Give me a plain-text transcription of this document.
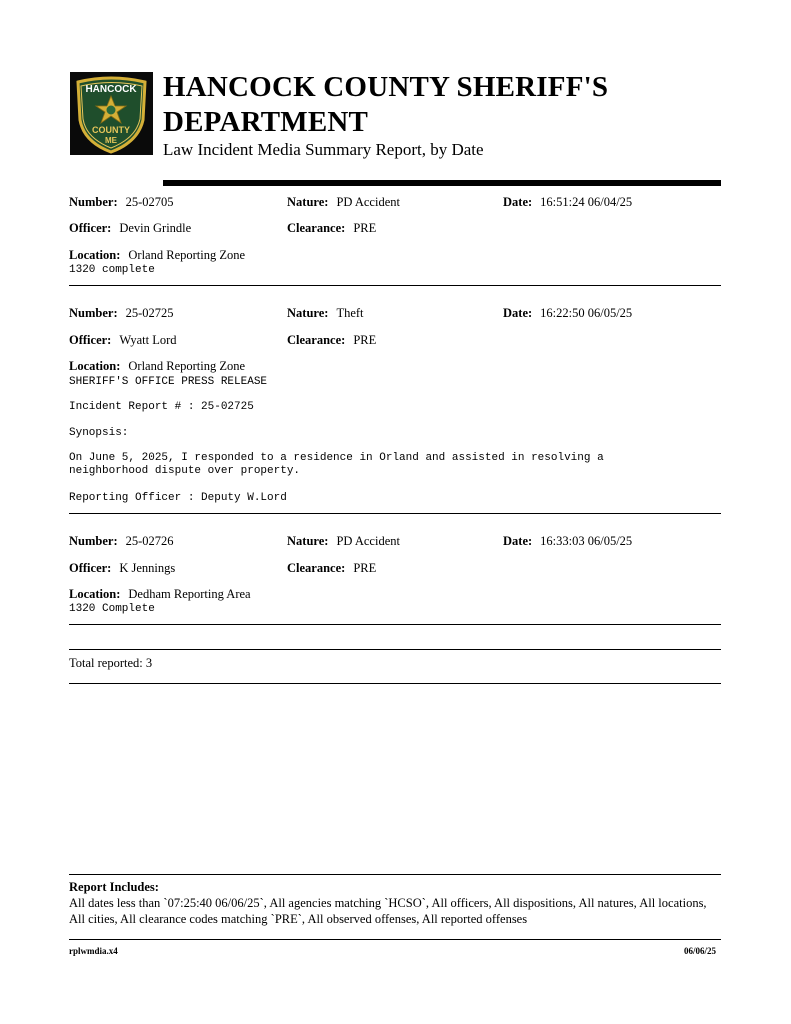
HANCOCK
COUNTY
ME
HANCOCK COUNTY SHERIFF'S DEPARTMENT
Law Incident Media Summary Report, by Date
Number: 25-02705	Nature: PD Accident	Date: 16:51:24 06/04/25
Officer: Devin Grindle	Clearance: PRE
Location: Orland Reporting Zone
1320 complete
Number: 25-02725	Nature: Theft	Date: 16:22:50 06/05/25
Officer: Wyatt Lord	Clearance: PRE
Location: Orland Reporting Zone
SHERIFF'S OFFICE PRESS RELEASE
Incident Report # : 25-02725
Synopsis:
On June 5, 2025, I responded to a residence in Orland and assisted in resolving a
neighborhood dispute over property.
Reporting Officer : Deputy W.Lord
Number: 25-02726	Nature: PD Accident	Date: 16:33:03 06/05/25
Officer: K Jennings	Clearance: PRE
Location: Dedham Reporting Area
1320 Complete
Total reported: 3
Report Includes:
All dates less than `07:25:40 06/06/25`, All agencies matching `HCSO`, All officers, All dispositions, All natures, All locations, All cities, All clearance codes matching `PRE`, All observed offenses, All reported offenses
rplwmdia.x4	06/06/25
